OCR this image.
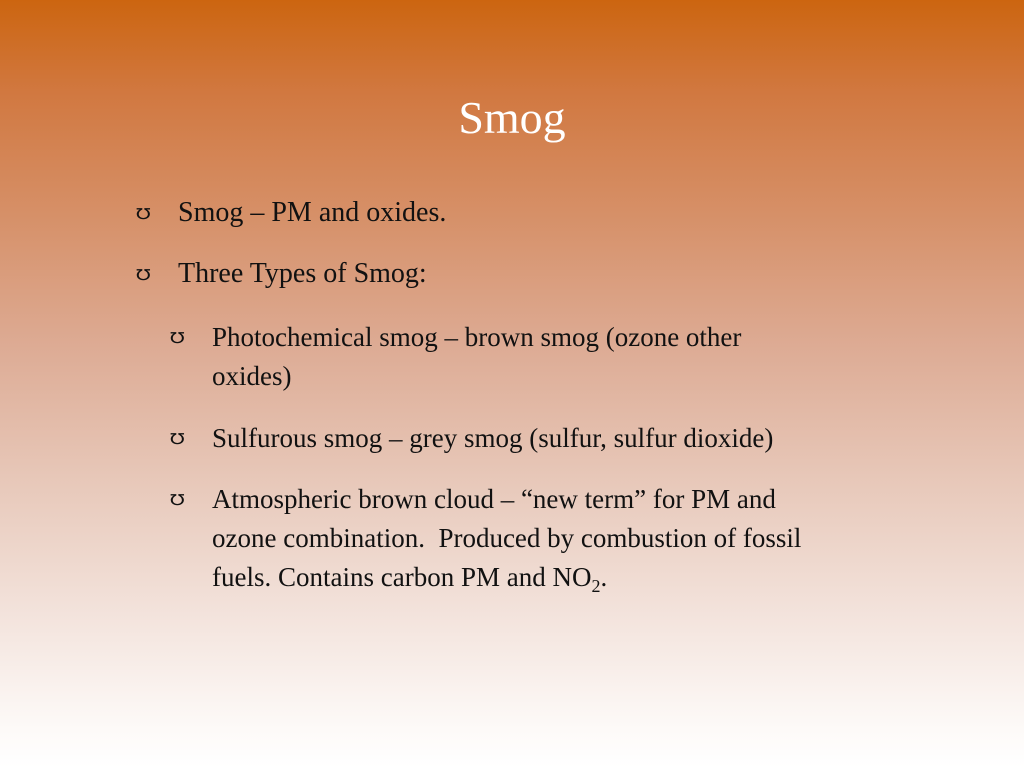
Smog
℧ Smog – PM and oxides.
℧ Three Types of Smog:
℧ Photochemical smog – brown smog (ozone other
oxides)
℧ Sulfurous smog – grey smog (sulfur, sulfur dioxide)
℧ Atmospheric brown cloud – “new term” for PM and
ozone combination.  Produced by combustion of fossil
fuels. Contains carbon PM and $NO_2$.
